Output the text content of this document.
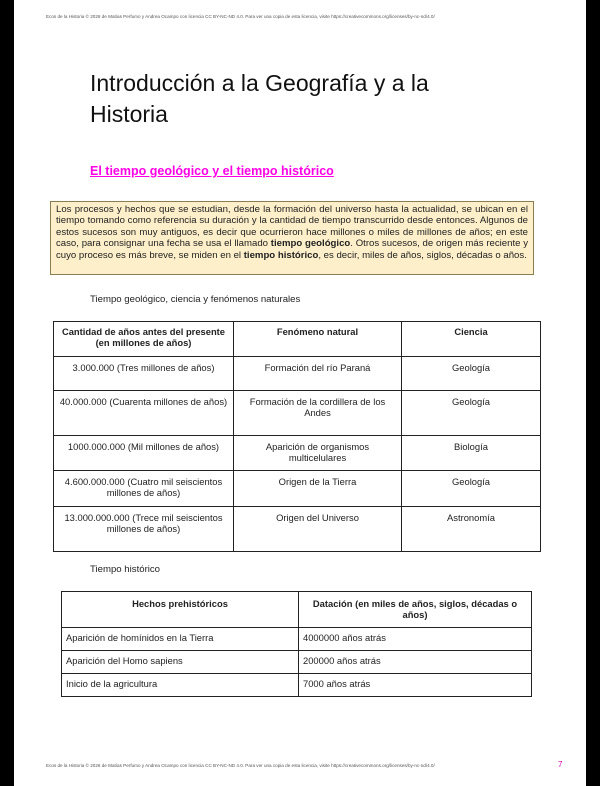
Ecos de la Historia © 2026 de Matías Perfumo y Andrea Ocampo con licencia CC BY-NC-ND 4.0. Para ver una copia de esta licencia, visite https://creativecommons.org/licenses/by-nc-nd/4.0/
Introducción a la Geografía y a la Historia
El tiempo geológico y el tiempo histórico
Los procesos y hechos que se estudian, desde la formación del universo hasta la actualidad, se ubican en el tiempo tomando como referencia su duración y la cantidad de tiempo transcurrido desde entonces. Algunos de estos sucesos son muy antiguos, es decir que ocurrieron hace millones o miles de millones de años; en este caso, para consignar una fecha se usa el llamado tiempo geológico. Otros sucesos, de origen más reciente y cuyo proceso es más breve, se miden en el tiempo histórico, es decir, miles de años, siglos, décadas o años.
Tiempo geológico, ciencia y fenómenos naturales
Cantidad de años antes del presente (en millones de años)	Fenómeno natural	Ciencia
3.000.000 (Tres millones de años)	Formación del río Paraná	Geología
40.000.000 (Cuarenta millones de años)	Formación de la cordillera de los Andes	Geología
1000.000.000 (Mil millones de años)	Aparición de organismos multicelulares	Biología
4.600.000.000 (Cuatro mil seiscientos millones de años)	Origen de la Tierra	Geología
13.000.000.000 (Trece mil seiscientos millones de años)	Origen del Universo	Astronomía
Tiempo histórico
Hechos prehistóricos	Datación (en miles de años, siglos, décadas o años)
Aparición de homínidos en la Tierra	4000000 años atrás
Aparición del Homo sapiens	200000 años atrás
Inicio de la agricultura	7000 años atrás
Ecos de la Historia © 2026 de Matías Perfumo y Andrea Ocampo con licencia CC BY-NC-ND 4.0. Para ver una copia de esta licencia, visite https://creativecommons.org/licenses/by-nc-nd/4.0/	7
